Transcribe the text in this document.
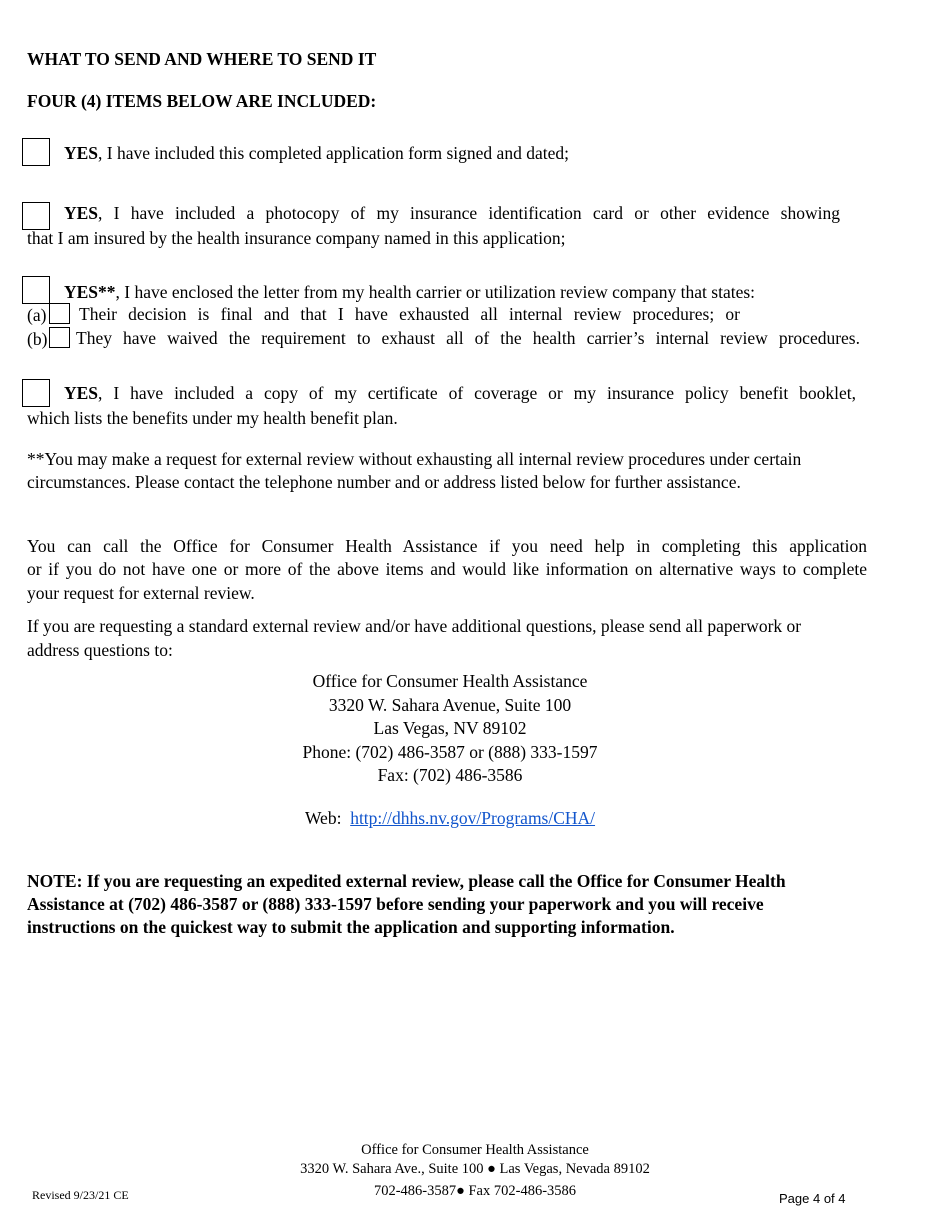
WHAT TO SEND AND WHERE TO SEND IT
FOUR (4) ITEMS BELOW ARE INCLUDED:
YES, I have included this completed application form signed and dated;
YES, I have included a photocopy of my insurance identification card or other evidence showing
that I am insured by the health insurance company named in this application;
YES**, I have enclosed the letter from my health carrier or utilization review company that states:
(a) Their decision is final and that I have exhausted all internal review procedures; or
(b) They have waived the requirement to exhaust all of the health carrier’s internal review procedures.
YES, I have included a copy of my certificate of coverage or my insurance policy benefit booklet,
which lists the benefits under my health benefit plan.
**You may make a request for external review without exhausting all internal review procedures under certain
circumstances. Please contact the telephone number and or address listed below for further assistance.
You can call the Office for Consumer Health Assistance if you need help in completing this application
or if you do not have one or more of the above items and would like information on alternative ways to complete
your request for external review.
If you are requesting a standard external review and/or have additional questions, please send all paperwork or
address questions to:
Office for Consumer Health Assistance
3320 W. Sahara Avenue, Suite 100
Las Vegas, NV 89102
Phone: (702) 486-3587 or (888) 333-1597
Fax: (702) 486-3586
Web: http://dhhs.nv.gov/Programs/CHA/
NOTE: If you are requesting an expedited external review, please call the Office for Consumer Health
Assistance at (702) 486-3587 or (888) 333-1597 before sending your paperwork and you will receive
instructions on the quickest way to submit the application and supporting information.
Office for Consumer Health Assistance
3320 W. Sahara Ave., Suite 100 ● Las Vegas, Nevada 89102
702-486-3587● Fax 702-486-3586
Revised 9/23/21 CE	Page 4 of 4
